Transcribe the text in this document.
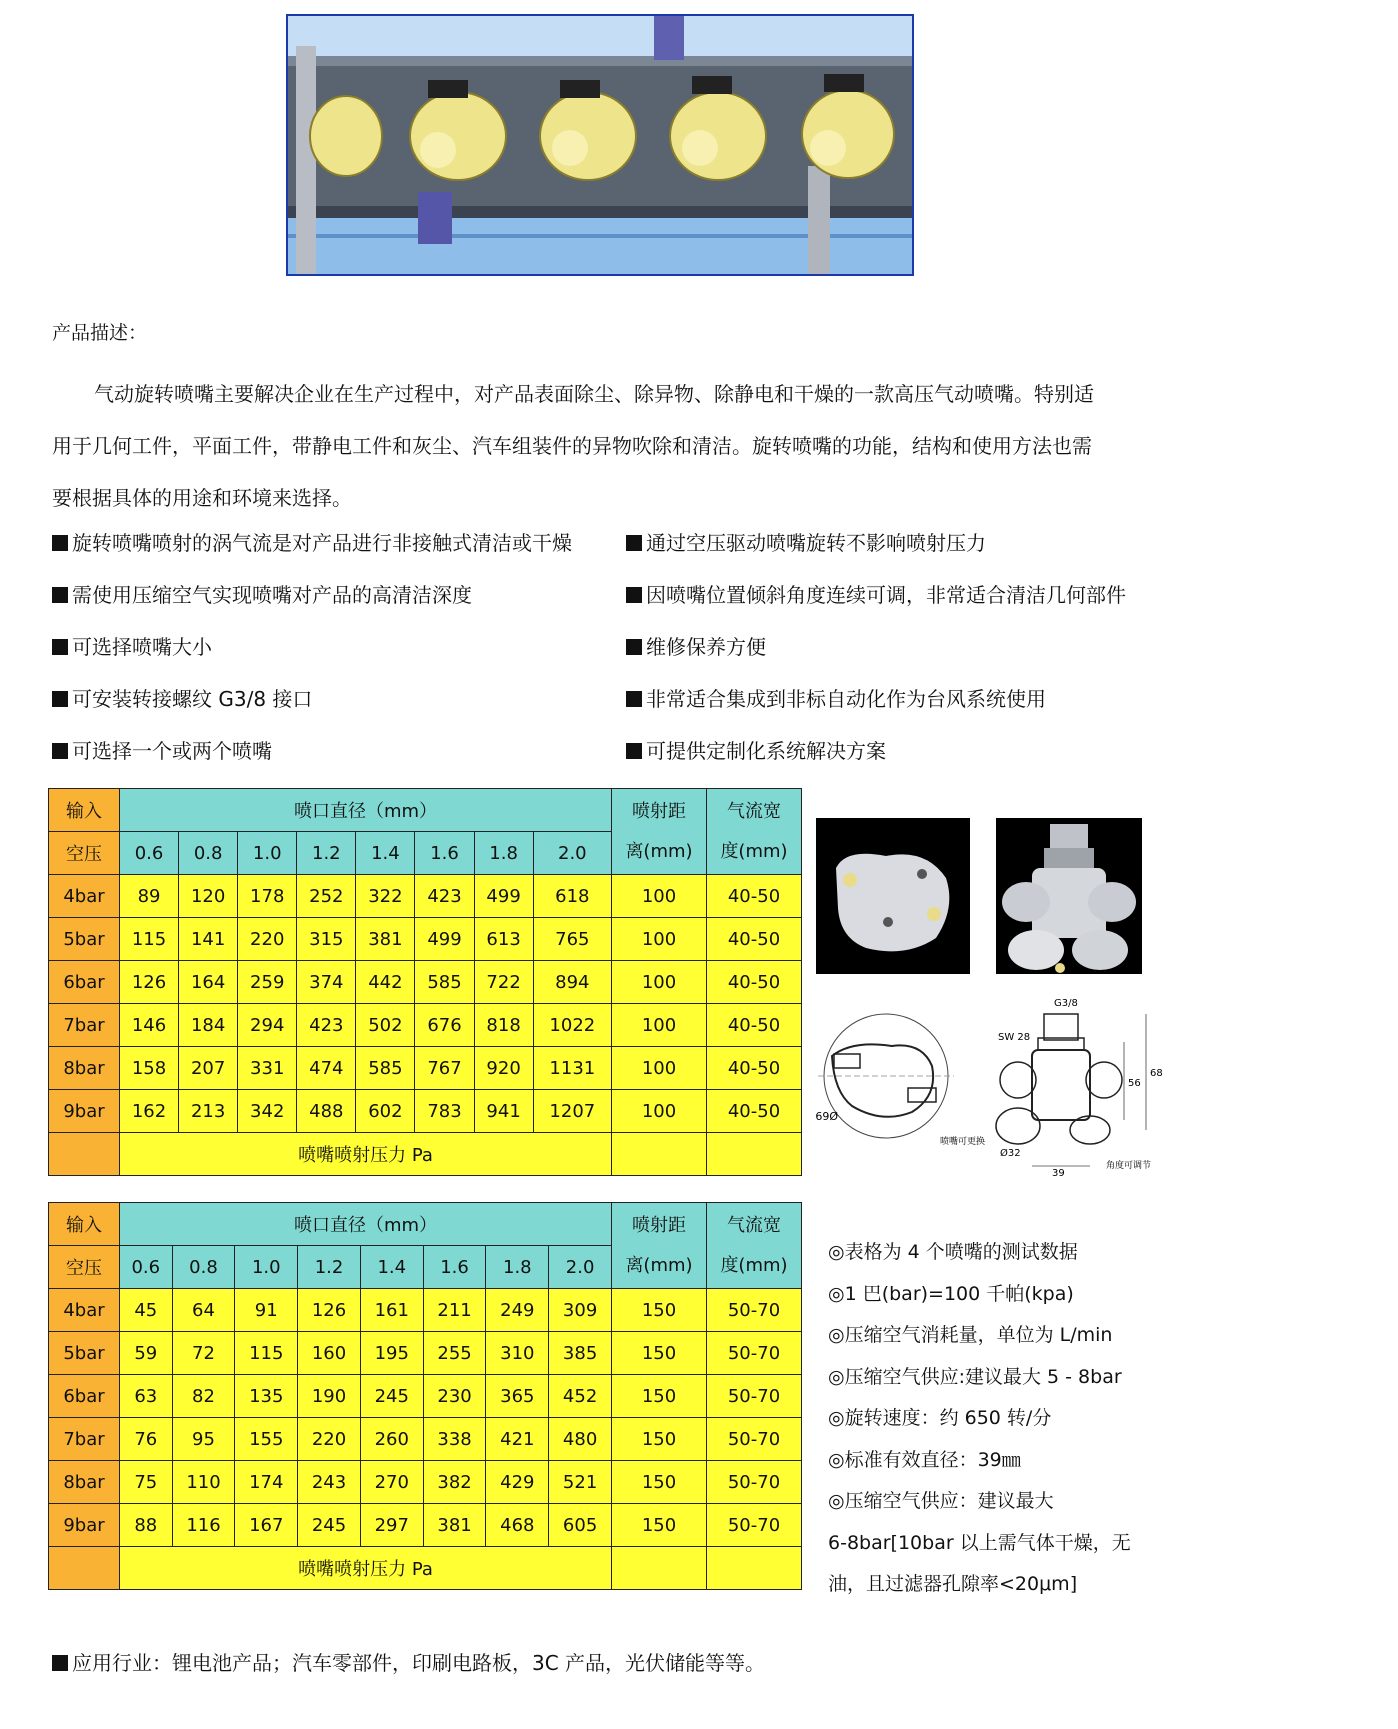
产品描述：

气动旋转喷嘴主要解决企业在生产过程中，对产品表面除尘、除异物、除静电和干燥的一款高压气动喷嘴。特别适

用于几何工件，平面工件，带静电工件和灰尘、汽车组装件的异物吹除和清洁。旋转喷嘴的功能，结构和使用方法也需

要根据具体的用途和环境来选择。

旋转喷嘴喷射的涡气流是对产品进行非接触式清洁或干燥
需使用压缩空气实现喷嘴对产品的高清洁深度
可选择喷嘴大小
可安装转接螺纹 G3/8 接口
可选择一个或两个喷嘴
通过空压驱动喷嘴旋转不影响喷射压力
因喷嘴位置倾斜角度连续可调，非常适合清洁几何部件
维修保养方便
非常适合集成到非标自动化作为台风系统使用
可提供定制化系统解决方案
输入	喷口直径（mm）								喷射距
离(mm)	气流宽
度(mm)
空压	0.6	0.8	1.0	1.2	1.4	1.6	1.8	2.0		
4bar	89	120	178	252	322	423	499	618	100	40-50
5bar	115	141	220	315	381	499	613	765	100	40-50
6bar	126	164	259	374	442	585	722	894	100	40-50
7bar	146	184	294	423	502	676	818	1022	100	40-50
8bar	158	207	331	474	585	767	920	1131	100	40-50
9bar	162	213	342	488	602	783	941	1207	100	40-50
	喷嘴喷射压力 Pa									
输入	喷口直径（mm）								喷射距
离(mm)	气流宽
度(mm)
空压	0.6	0.8	1.0	1.2	1.4	1.6	1.8	2.0		
4bar	45	64	91	126	161	211	249	309	150	50-70
5bar	59	72	115	160	195	255	310	385	150	50-70
6bar	63	82	135	190	245	230	365	452	150	50-70
7bar	76	95	155	220	260	338	421	480	150	50-70
8bar	75	110	174	243	270	382	429	521	150	50-70
9bar	88	116	167	245	297	381	468	605	150	50-70
	喷嘴喷射压力 Pa									
Ø69
G3/8
SW 28
56
68
39
Ø32
喷嘴可更换
角度可调节

◎表格为 4 个喷嘴的测试数据

◎1 巴(bar)=100 千帕(kpa)

◎压缩空气消耗量，单位为 L/min

◎压缩空气供应:建议最大 5 - 8bar

◎旋转速度：约 650 转/分

◎标准有效直径：39㎜

◎压缩空气供应：建议最大

6-8bar[10bar 以上需气体干燥，无

油，且过滤器孔隙率<20μm]

应用行业：锂电池产品；汽车零部件，印刷电路板，3C 产品，光伏储能等等。
